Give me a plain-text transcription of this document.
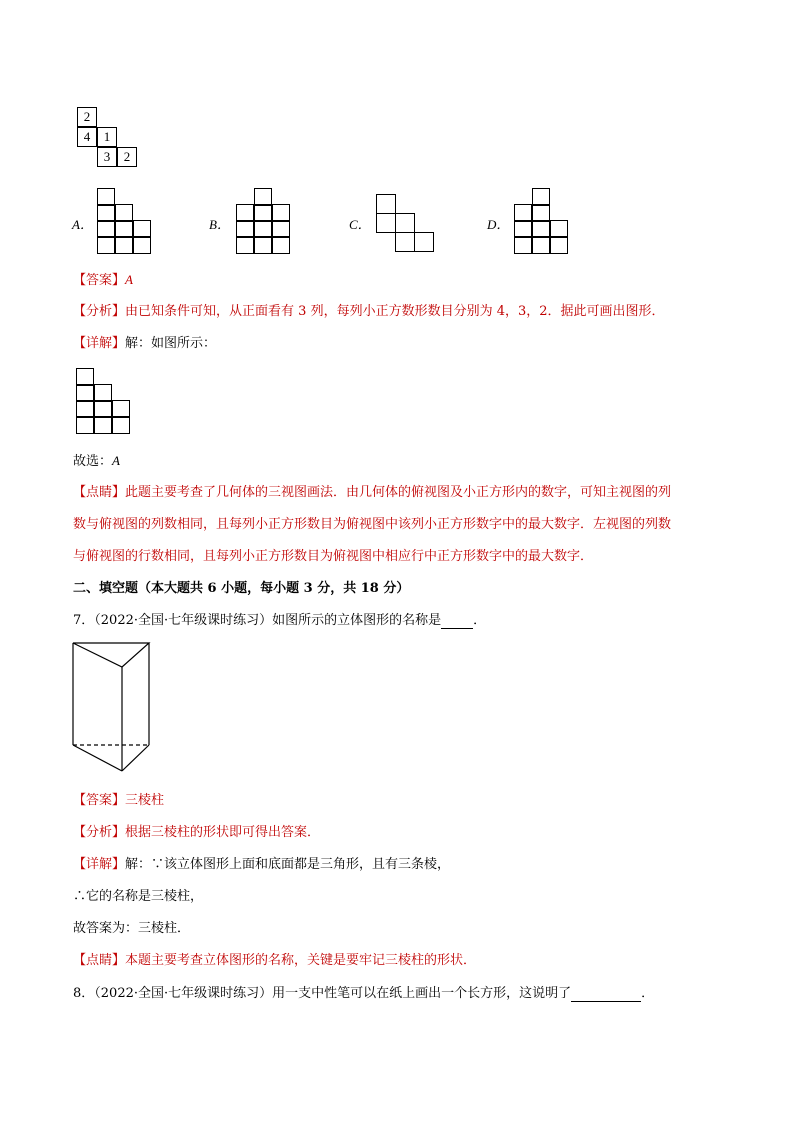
2
4	1
3	2
A．	B．	C．	D．
【答案】A
【分析】由已知条件可知，从正面看有 3 列，每列小正方数形数目分别为 4，3，2．据此可画出图形．
【详解】解：如图所示：
故选：A
【点睛】此题主要考查了几何体的三视图画法．由几何体的俯视图及小正方形内的数字，可知主视图的列
数与俯视图的列数相同，且每列小正方形数目为俯视图中该列小正方形数字中的最大数字．左视图的列数
与俯视图的行数相同，且每列小正方形数目为俯视图中相应行中正方形数字中的最大数字．
二、填空题（本大题共 6 小题，每小题 3 分，共 18 分）
7．（2022·全国·七年级课时练习）如图所示的立体图形的名称是 ．
【答案】三棱柱
【分析】根据三棱柱的形状即可得出答案．
【详解】解：∵该立体图形上面和底面都是三角形，且有三条棱，
∴它的名称是三棱柱，
故答案为：三棱柱．
【点睛】本题主要考查立体图形的名称，关键是要牢记三棱柱的形状．
8．（2022·全国·七年级课时练习）用一支中性笔可以在纸上画出一个长方形，这说明了	．
